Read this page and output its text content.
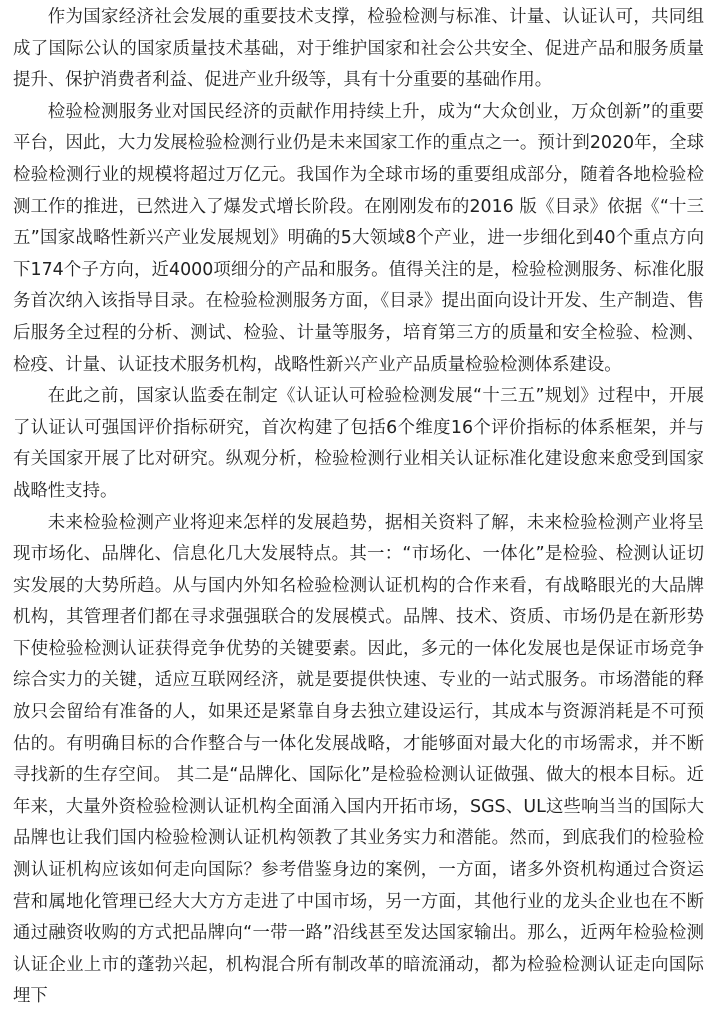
作为国家经济社会发展的重要技术支撑，检验检测与标准、计量、认证认可，共同组成了国际公认的国家质量技术基础，对于维护国家和社会公共安全、促进产品和服务质量提升、保护消费者利益、促进产业升级等，具有十分重要的基础作用。

检验检测服务业对国民经济的贡献作用持续上升，成为“大众创业，万众创新”的重要平台，因此，大力发展检验检测行业仍是未来国家工作的重点之一。预计到2020年，全球检验检测行业的规模将超过万亿元。我国作为全球市场的重要组成部分，随着各地检验检测工作的推进，已然进入了爆发式增长阶段。在刚刚发布的2016 版《目录》依据《“十三五”国家战略性新兴产业发展规划》明确的5大领域8个产业，进一步细化到40个重点方向下174个子方向，近4000项细分的产品和服务。值得关注的是，检验检测服务、标准化服务首次纳入该指导目录。在检验检测服务方面，《目录》提出面向设计开发、生产制造、售后服务全过程的分析、测试、检验、计量等服务，培育第三方的质量和安全检验、检测、检疫、计量、认证技术服务机构，战略性新兴产业产品质量检验检测体系建设。

在此之前，国家认监委在制定《认证认可检验检测发展“十三五”规划》过程中，开展了认证认可强国评价指标研究，首次构建了包括6个维度16个评价指标的体系框架，并与有关国家开展了比对研究。纵观分析，检验检测行业相关认证标准化建设愈来愈受到国家战略性支持。

未来检验检测产业将迎来怎样的发展趋势，据相关资料了解，未来检验检测产业将呈现市场化、品牌化、信息化几大发展特点。其一：“市场化、一体化”是检验、检测认证切实发展的大势所趋。从与国内外知名检验检测认证机构的合作来看，有战略眼光的大品牌机构，其管理者们都在寻求强强联合的发展模式。品牌、技术、资质、市场仍是在新形势下使检验检测认证获得竞争优势的关键要素。因此，多元的一体化发展也是保证市场竞争综合实力的关键，适应互联网经济，就是要提供快速、专业的一站式服务。市场潜能的释放只会留给有准备的人，如果还是紧靠自身去独立建设运行，其成本与资源消耗是不可预估的。有明确目标的合作整合与一体化发展战略，才能够面对最大化的市场需求，并不断寻找新的生存空间。 其二是“品牌化、国际化”是检验检测认证做强、做大的根本目标。近年来，大量外资检验检测认证机构全面涌入国内开拓市场，SGS、UL这些响当当的国际大品牌也让我们国内检验检测认证机构领教了其业务实力和潜能。然而，到底我们的检验检测认证机构应该如何走向国际？参考借鉴身边的案例，一方面，诸多外资机构通过合资运营和属地化管理已经大大方方走进了中国市场，另一方面，其他行业的龙头企业也在不断通过融资收购的方式把品牌向“一带一路”沿线甚至发达国家输出。那么，近两年检验检测认证企业上市的蓬勃兴起，机构混合所有制改革的暗流涌动，都为检验检测认证走向国际埋下
